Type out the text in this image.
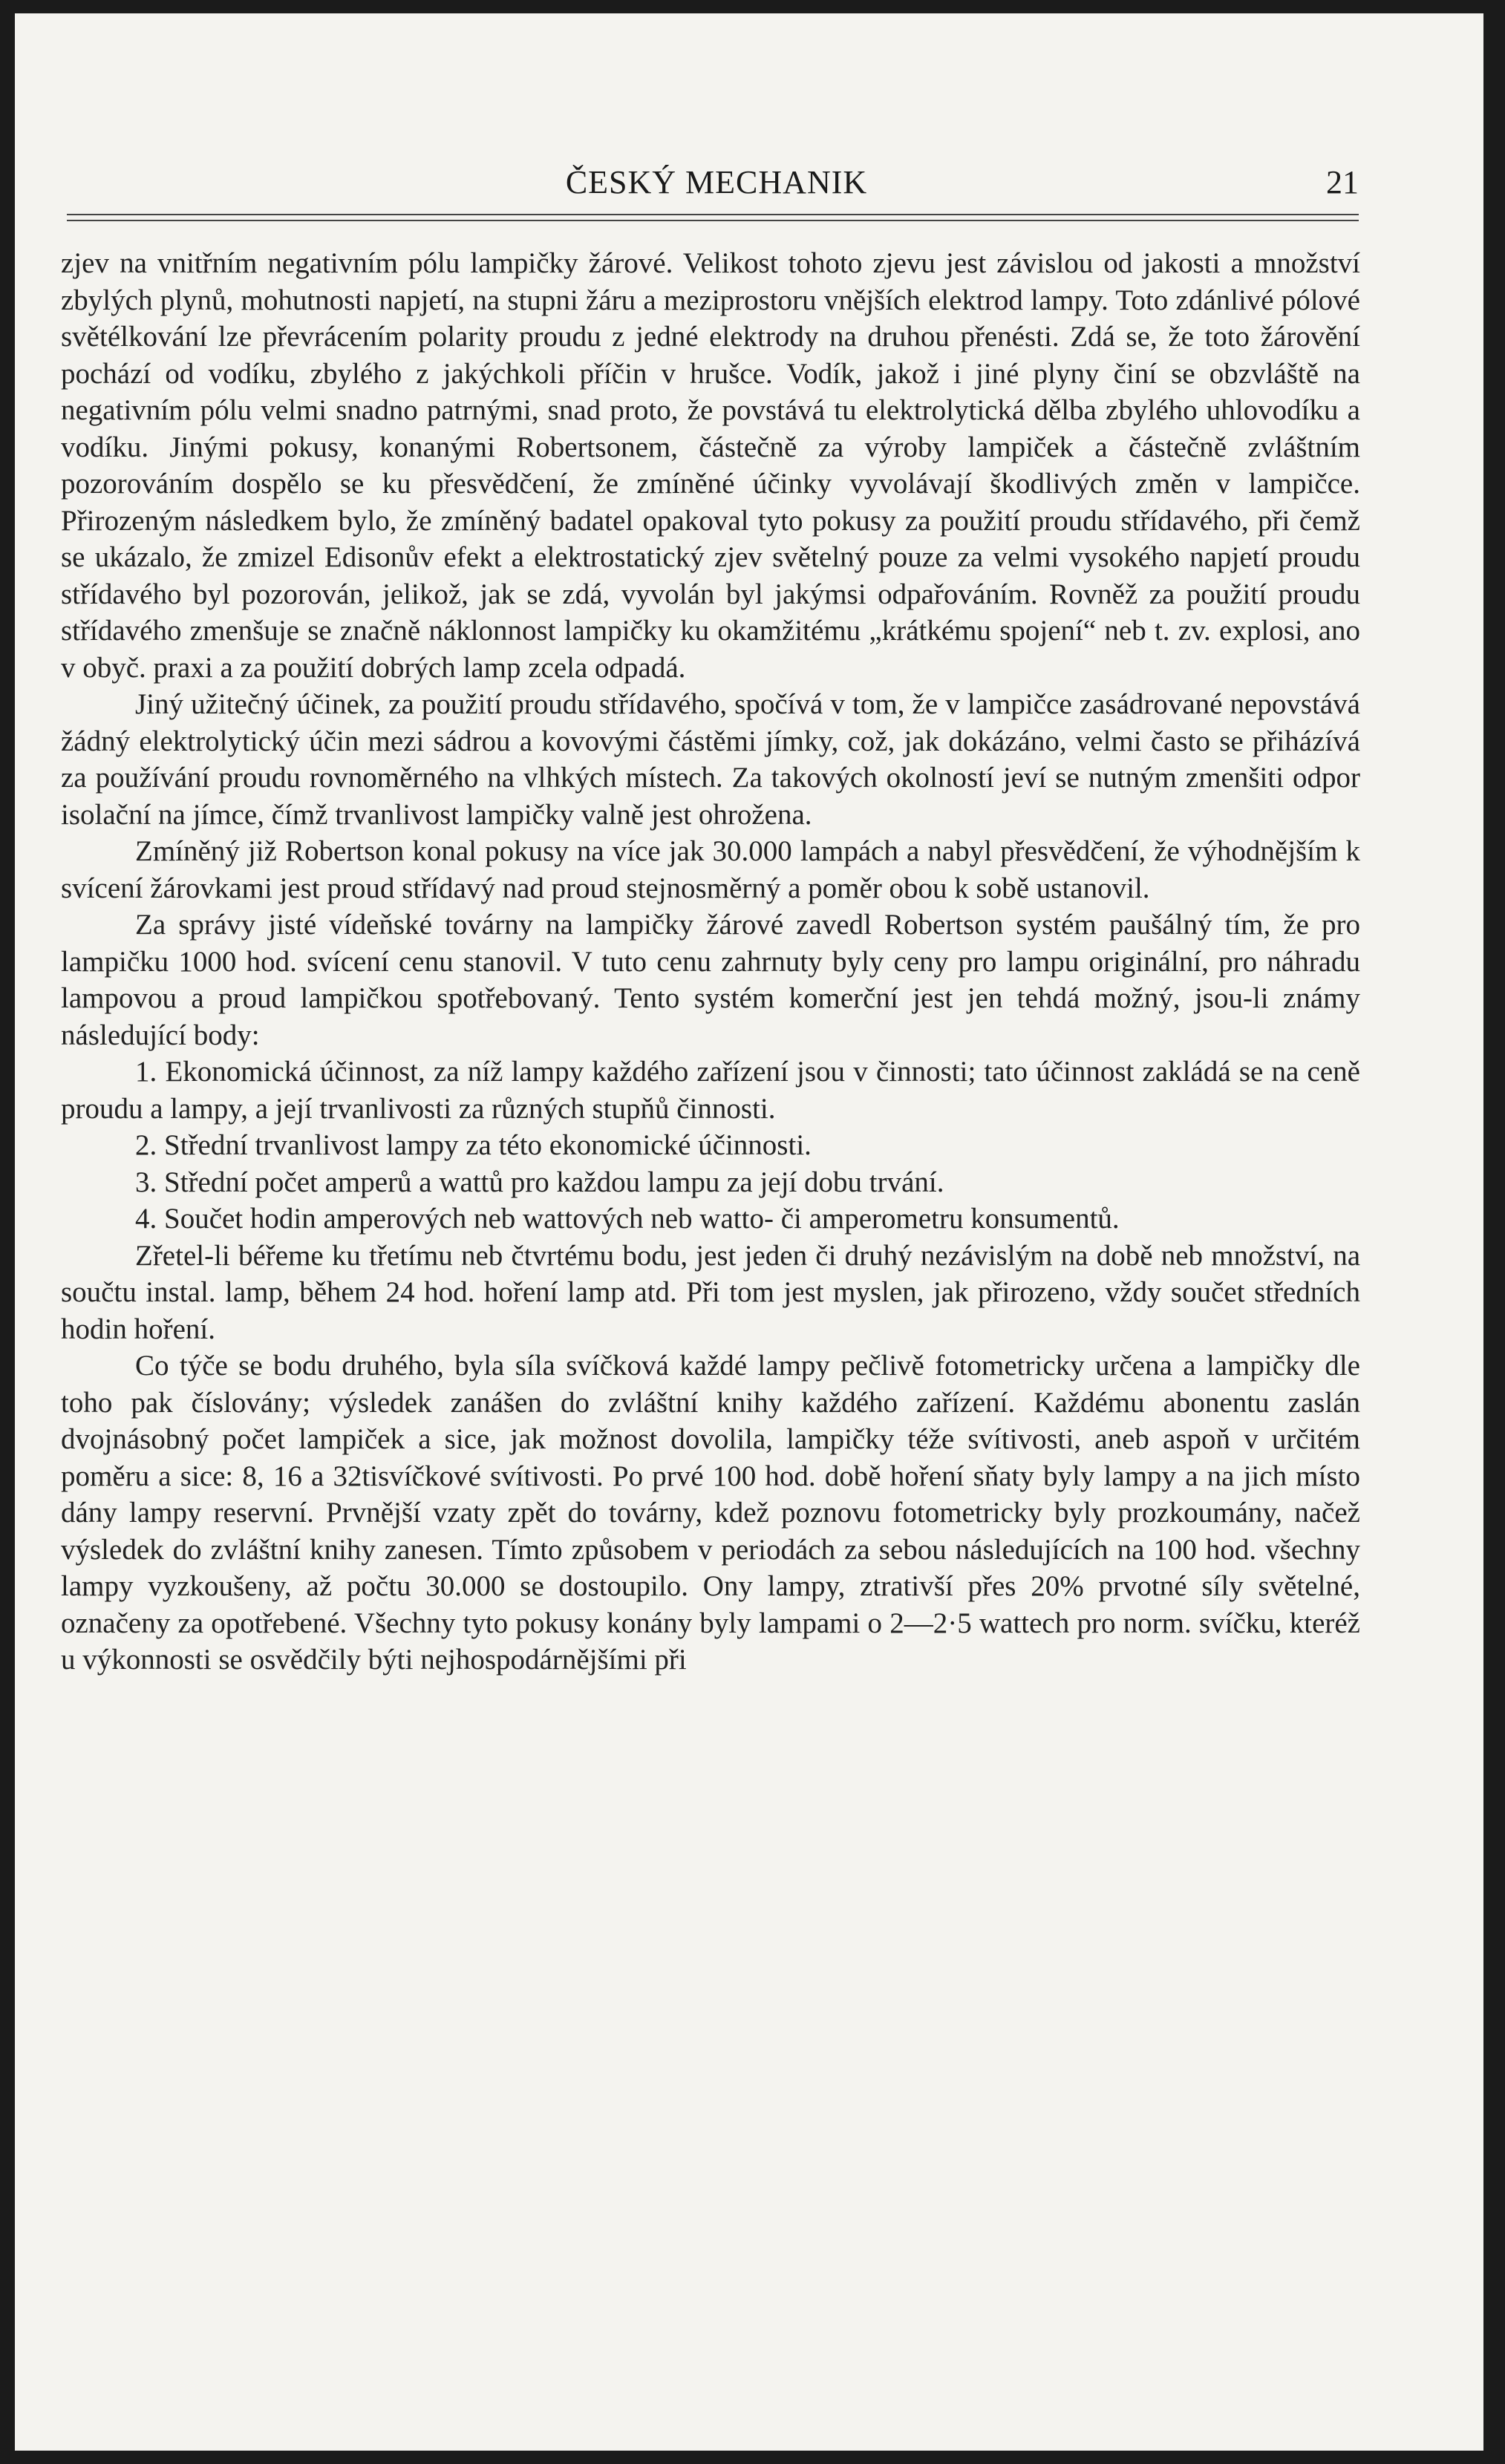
ČESKÝ MECHANIK	21

zjev na vnitřním negativním pólu lampičky žárové. Velikost tohoto zjevu jest závislou od jakosti a množství zbylých plynů, mohutnosti napjetí, na stupni žáru a meziprostoru vnějších elektrod lampy. Toto zdánlivé pólové světélkování lze převrácením polarity proudu z jedné elektrody na druhou přenésti. Zdá se, že toto žárovění pochází od vodíku, zbylého z jakýchkoli příčin v hrušce. Vodík, jakož i jiné plyny činí se obzvláště na negativním pólu velmi snadno patrnými, snad proto, že povstává tu elektrolytická dělba zbylého uhlovodíku a vodíku. Jinými pokusy, konanými Robertsonem, částečně za výroby lampiček a částečně zvláštním pozorováním dospělo se ku přesvědčení, že zmíněné účinky vyvolávají škodlivých změn v lampičce. Přirozeným následkem bylo, že zmíněný badatel opakoval tyto pokusy za použití proudu střídavého, při čemž se ukázalo, že zmizel Edisonův efekt a elektrostatický zjev světelný pouze za velmi vysokého napjetí proudu střídavého byl pozorován, jelikož, jak se zdá, vyvolán byl jakýmsi odpařováním. Rovněž za použití proudu střídavého zmenšuje se značně náklonnost lampičky ku okamžitému „krátkému spojení“ neb t. zv. explosi, ano v obyč. praxi a za použití dobrých lamp zcela odpadá.

Jiný užitečný účinek, za použití proudu střídavého, spočívá v tom, že v lampičce zasádrované nepovstává žádný elektrolytický účin mezi sádrou a kovovými částěmi jímky, což, jak dokázáno, velmi často se přiházívá za používání proudu rovnoměrného na vlhkých místech. Za takových okolností jeví se nutným zmenšiti odpor isolační na jímce, čímž trvanlivost lampičky valně jest ohrožena.

Zmíněný již Robertson konal pokusy na více jak 30.000 lampách a nabyl přesvědčení, že výhodnějším k svícení žárovkami jest proud střídavý nad proud stejnosměrný a poměr obou k sobě ustanovil.

Za správy jisté vídeňské továrny na lampičky žárové zavedl Robertson systém paušálný tím, že pro lampičku 1000 hod. svícení cenu stanovil. V tuto cenu zahrnuty byly ceny pro lampu originální, pro náhradu lampovou a proud lampičkou spotřebovaný. Tento systém komerční jest jen tehdá možný, jsou-li známy následující body:

1. Ekonomická účinnost, za níž lampy každého zařízení jsou v činnosti; tato účinnost zakládá se na ceně proudu a lampy, a její trvanlivosti za různých stupňů činnosti.

2. Střední trvanlivost lampy za této ekonomické účinnosti.

3. Střední počet amperů a wattů pro každou lampu za její dobu trvání.

4. Součet hodin amperových neb wattových neb watto- či amperometru konsumentů.

Zřetel-li béřeme ku třetímu neb čtvrtému bodu, jest jeden či druhý nezávislým na době neb množství, na součtu instal. lamp, během 24 hod. hoření lamp atd. Při tom jest myslen, jak přirozeno, vždy součet středních hodin hoření.

Co týče se bodu druhého, byla síla svíčková každé lampy pečlivě fotometricky určena a lampičky dle toho pak číslovány; výsledek zanášen do zvláštní knihy každého zařízení. Každému abonentu zaslán dvojnásobný počet lampiček a sice, jak možnost dovolila, lampičky téže svítivosti, aneb aspoň v určitém poměru a sice: 8, 16 a 32tisvíčkové svítivosti. Po prvé 100 hod. době hoření sňaty byly lampy a na jich místo dány lampy reservní. Prvnější vzaty zpět do továrny, kdež poznovu fotometricky byly prozkoumány, načež výsledek do zvláštní knihy zanesen. Tímto způsobem v periodách za sebou následujících na 100 hod. všechny lampy vyzkoušeny, až počtu 30.000 se dostoupilo. Ony lampy, ztrativší přes 20% prvotné síly světelné, označeny za opotřebené. Všechny tyto pokusy konány byly lampami o 2—2·5 wattech pro norm. svíčku, kteréž u výkonnosti se osvědčily býti nejhospodárnějšími při
